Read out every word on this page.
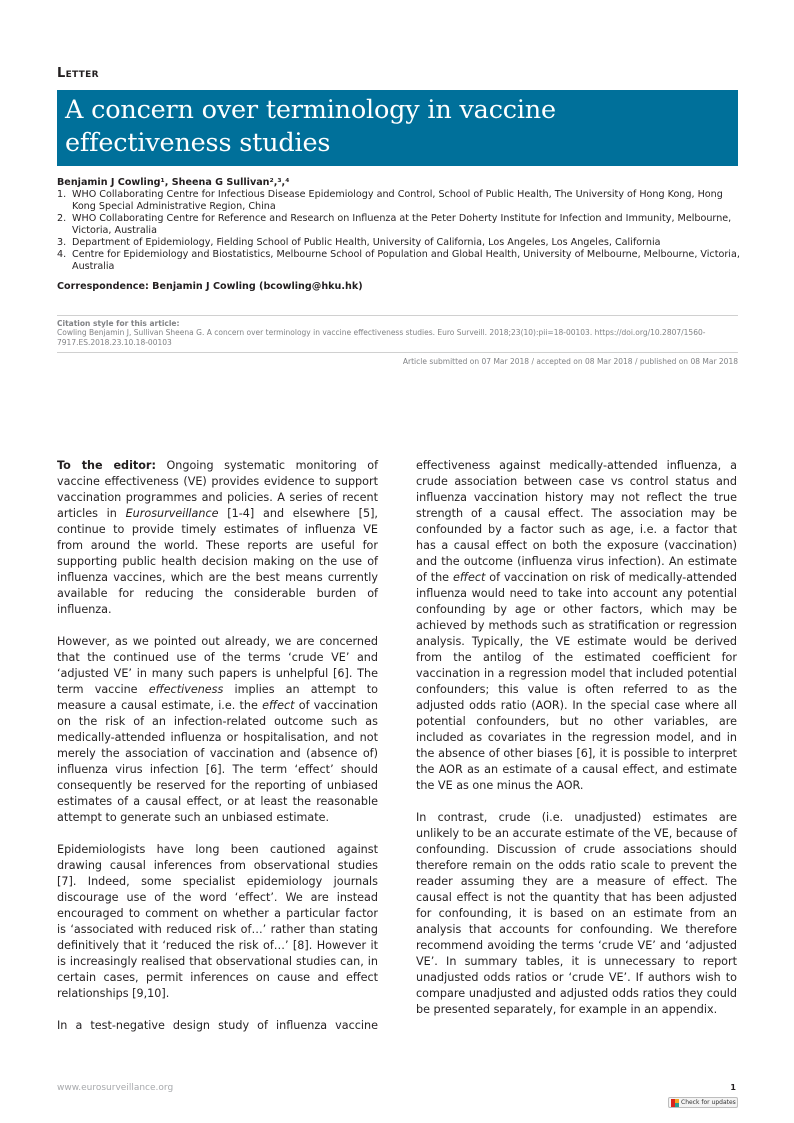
Letter
A concern over terminology in vaccine effectiveness studies
Benjamin J Cowling¹, Sheena G Sullivan²,³,⁴
1. WHO Collaborating Centre for Infectious Disease Epidemiology and Control, School of Public Health, The University of Hong Kong, Hong Kong Special Administrative Region, China
2. WHO Collaborating Centre for Reference and Research on Influenza at the Peter Doherty Institute for Infection and Immunity, Melbourne, Victoria, Australia
3. Department of Epidemiology, Fielding School of Public Health, University of California, Los Angeles, Los Angeles, California
4. Centre for Epidemiology and Biostatistics, Melbourne School of Population and Global Health, University of Melbourne, Melbourne, Victoria, Australia
Correspondence: Benjamin J Cowling (bcowling@hku.hk)
Citation style for this article:
Cowling Benjamin J, Sullivan Sheena G. A concern over terminology in vaccine effectiveness studies. Euro Surveill. 2018;23(10):pii=18-00103. https://doi.org/10.2807/1560-7917.ES.2018.23.10.18-00103
Article submitted on 07 Mar 2018 / accepted on 08 Mar 2018 / published on 08 Mar 2018

To the editor: Ongoing systematic monitoring of vaccine effectiveness (VE) provides evidence to support vaccination programmes and policies. A series of recent articles in Eurosurveillance [1-4] and elsewhere [5], continue to provide timely estimates of influenza VE from around the world. These reports are useful for supporting public health decision making on the use of influenza vaccines, which are the best means currently available for reducing the considerable burden of influenza.

However, as we pointed out already, we are concerned that the continued use of the terms ‘crude VE’ and ‘adjusted VE’ in many such papers is unhelpful [6]. The term vaccine effectiveness implies an attempt to measure a causal estimate, i.e. the effect of vaccination on the risk of an infection-related outcome such as medically-attended influenza or hospitalisation, and not merely the association of vaccination and (absence of) influenza virus infection [6]. The term ‘effect’ should consequently be reserved for the reporting of unbiased estimates of a causal effect, or at least the reasonable attempt to generate such an unbiased estimate.

Epidemiologists have long been cautioned against drawing causal inferences from observational studies [7]. Indeed, some specialist epidemiology journals discourage use of the word ‘effect’. We are instead encouraged to comment on whether a particular factor is ‘associated with reduced risk of…’ rather than stating definitively that it ‘reduced the risk of…’ [8]. However it is increasingly realised that observational studies can, in certain cases, permit inferences on cause and effect relationships [9,10].

In a test-negative design study of influenza vaccine

effectiveness against medically-attended influenza, a crude association between case vs control status and influenza vaccination history may not reflect the true strength of a causal effect. The association may be confounded by a factor such as age, i.e. a factor that has a causal effect on both the exposure (vaccination) and the outcome (influenza virus infection). An estimate of the effect of vaccination on risk of medically-attended influenza would need to take into account any potential confounding by age or other factors, which may be achieved by methods such as stratification or regression analysis. Typically, the VE estimate would be derived from the antilog of the estimated coefficient for vaccination in a regression model that included potential confounders; this value is often referred to as the adjusted odds ratio (AOR). In the special case where all potential confounders, but no other variables, are included as covariates in the regression model, and in the absence of other biases [6], it is possible to interpret the AOR as an estimate of a causal effect, and estimate the VE as one minus the AOR.

In contrast, crude (i.e. unadjusted) estimates are unlikely to be an accurate estimate of the VE, because of confounding. Discussion of crude associations should therefore remain on the odds ratio scale to prevent the reader assuming they are a measure of effect. The causal effect is not the quantity that has been adjusted for confounding, it is based on an estimate from an analysis that accounts for confounding. We therefore recommend avoiding the terms ‘crude VE’ and ‘adjusted VE’. In summary tables, it is unnecessary to report unadjusted odds ratios or ‘crude VE’. If authors wish to compare unadjusted and adjusted odds ratios they could be presented separately, for example in an appendix.

www.eurosurveillance.org	1
Check for updates
